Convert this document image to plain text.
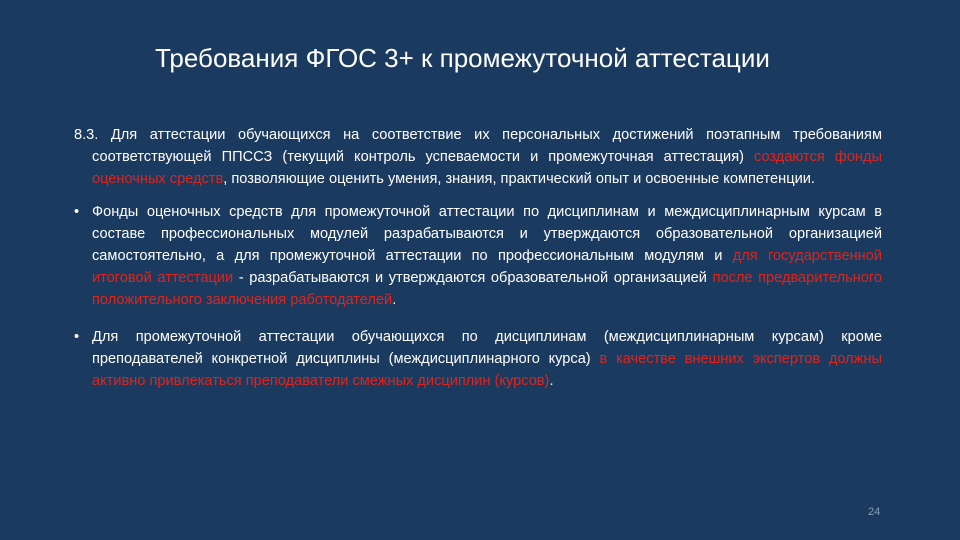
Требования ФГОС 3+ к промежуточной аттестации

8.3. Для аттестации обучающихся на соответствие их персональных достижений поэтапным требованиям соответствующей ППССЗ (текущий контроль успеваемости и промежуточная аттестация) создаются фонды оценочных средств, позволяющие оценить умения, знания, практический опыт и освоенные компетенции.

• Фонды оценочных средств для промежуточной аттестации по дисциплинам и междисциплинарным курсам в составе профессиональных модулей разрабатываются и утверждаются образовательной организацией самостоятельно, а для промежуточной аттестации по профессиональным модулям и для государственной итоговой аттестации - разрабатываются и утверждаются образовательной организацией после предварительного положительного заключения работодателей.
• Для промежуточной аттестации обучающихся по дисциплинам (междисциплинарным курсам) кроме преподавателей конкретной дисциплины (междисциплинарного курса) в качестве внешних экспертов должны активно привлекаться преподаватели смежных дисциплин (курсов).
24
